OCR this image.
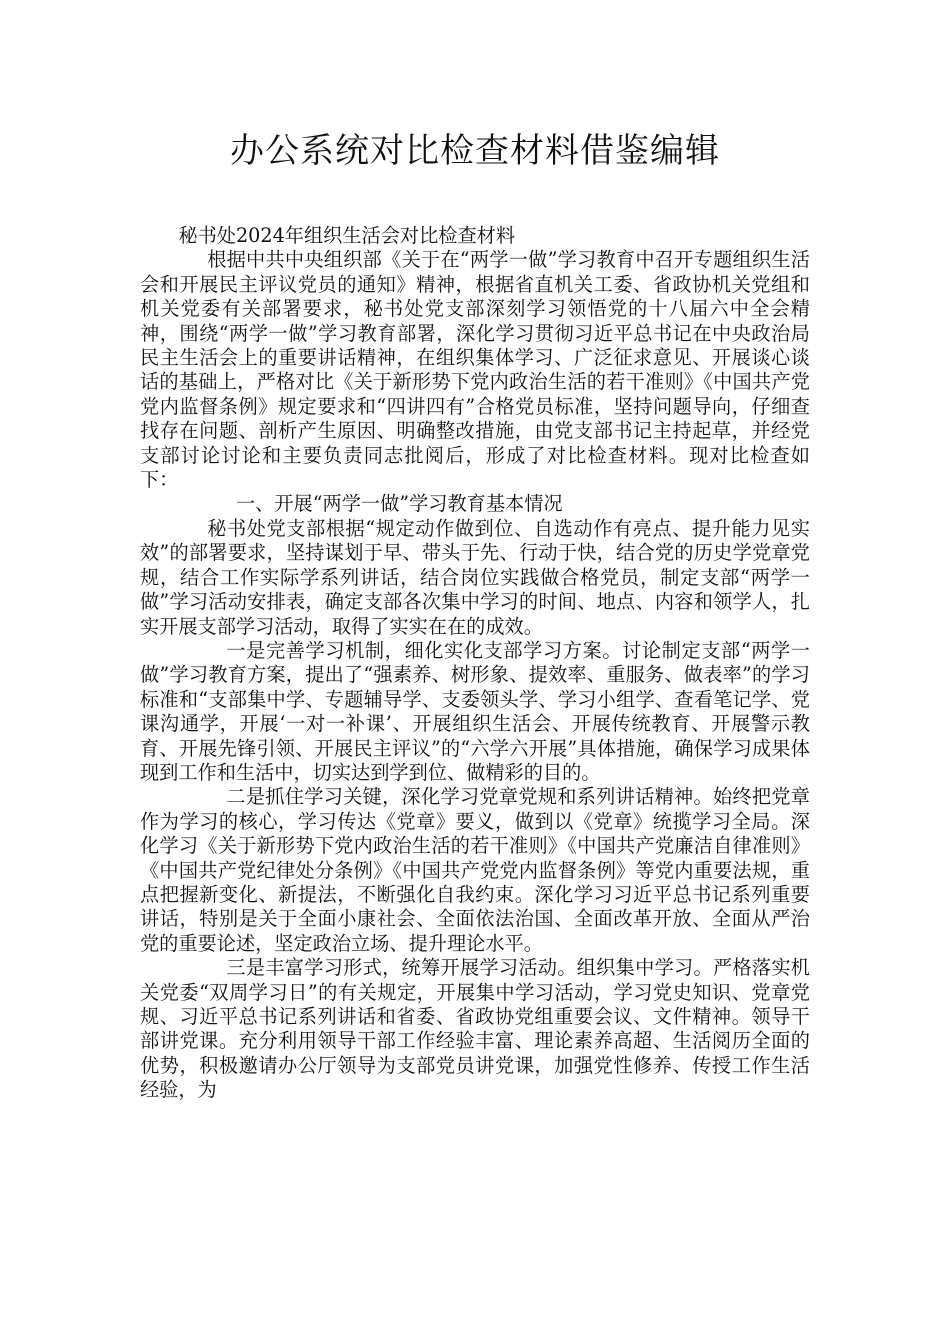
办公系统对比检查材料借鉴编辑

秘书处2024年组织生活会对比检查材料

根据中共中央组织部《关于在“两学一做”学习教育中召开专题组织生活会和开展民主评议党员的通知》精神，根据省直机关工委、省政协机关党组和机关党委有关部署要求，秘书处党支部深刻学习领悟党的十八届六中全会精神，围绕“两学一做”学习教育部署，深化学习贯彻习近平总书记在中央政治局民主生活会上的重要讲话精神，在组织集体学习、广泛征求意见、开展谈心谈话的基础上，严格对比《关于新形势下党内政治生活的若干准则》《中国共产党党内监督条例》规定要求和“四讲四有”合格党员标准，坚持问题导向，仔细查找存在问题、剖析产生原因、明确整改措施，由党支部书记主持起草，并经党支部讨论讨论和主要负责同志批阅后，形成了对比检查材料。现对比检查如下：

一、开展“两学一做”学习教育基本情况

秘书处党支部根据“规定动作做到位、自选动作有亮点、提升能力见实效”的部署要求，坚持谋划于早、带头于先、行动于快，结合党的历史学党章党规，结合工作实际学系列讲话，结合岗位实践做合格党员，制定支部“两学一做”学习活动安排表，确定支部各次集中学习的时间、地点、内容和领学人，扎实开展支部学习活动，取得了实实在在的成效。

一是完善学习机制，细化实化支部学习方案。讨论制定支部“两学一做”学习教育方案，提出了“强素养、树形象、提效率、重服务、做表率”的学习标准和“支部集中学、专题辅导学、支委领头学、学习小组学、查看笔记学、党课沟通学，开展‘一对一补课’、开展组织生活会、开展传统教育、开展警示教育、开展先锋引领、开展民主评议”的“六学六开展”具体措施，确保学习成果体现到工作和生活中，切实达到学到位、做精彩的目的。

二是抓住学习关键，深化学习党章党规和系列讲话精神。始终把党章作为学习的核心，学习传达《党章》要义，做到以《党章》统揽学习全局。深化学习《关于新形势下党内政治生活的若干准则》《中国共产党廉洁自律准则》《中国共产党纪律处分条例》《中国共产党党内监督条例》等党内重要法规，重点把握新变化、新提法，不断强化自我约束。深化学习习近平总书记系列重要讲话，特别是关于全面小康社会、全面依法治国、全面改革开放、全面从严治党的重要论述，坚定政治立场、提升理论水平。

三是丰富学习形式，统筹开展学习活动。组织集中学习。严格落实机关党委“双周学习日”的有关规定，开展集中学习活动，学习党史知识、党章党规、习近平总书记系列讲话和省委、省政协党组重要会议、文件精神。领导干部讲党课。充分利用领导干部工作经验丰富、理论素养高超、生活阅历全面的优势，积极邀请办公厅领导为支部党员讲党课，加强党性修养、传授工作生活经验，为
